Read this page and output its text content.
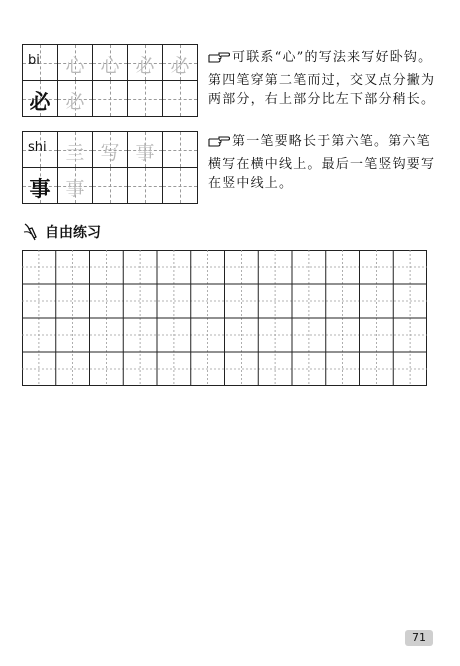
bi	心	心	必	必

必	必			

可联系“心”的写法来写好卧钩。第四笔穿第二笔而过，交叉点分撇为两部分，右上部分比左下部分稍长。
shi	亖	写	事	

事	事			

第一笔要略长于第六笔。第六笔横写在横中线上。最后一笔竖钩要写在竖中线上。
自由练习
71
